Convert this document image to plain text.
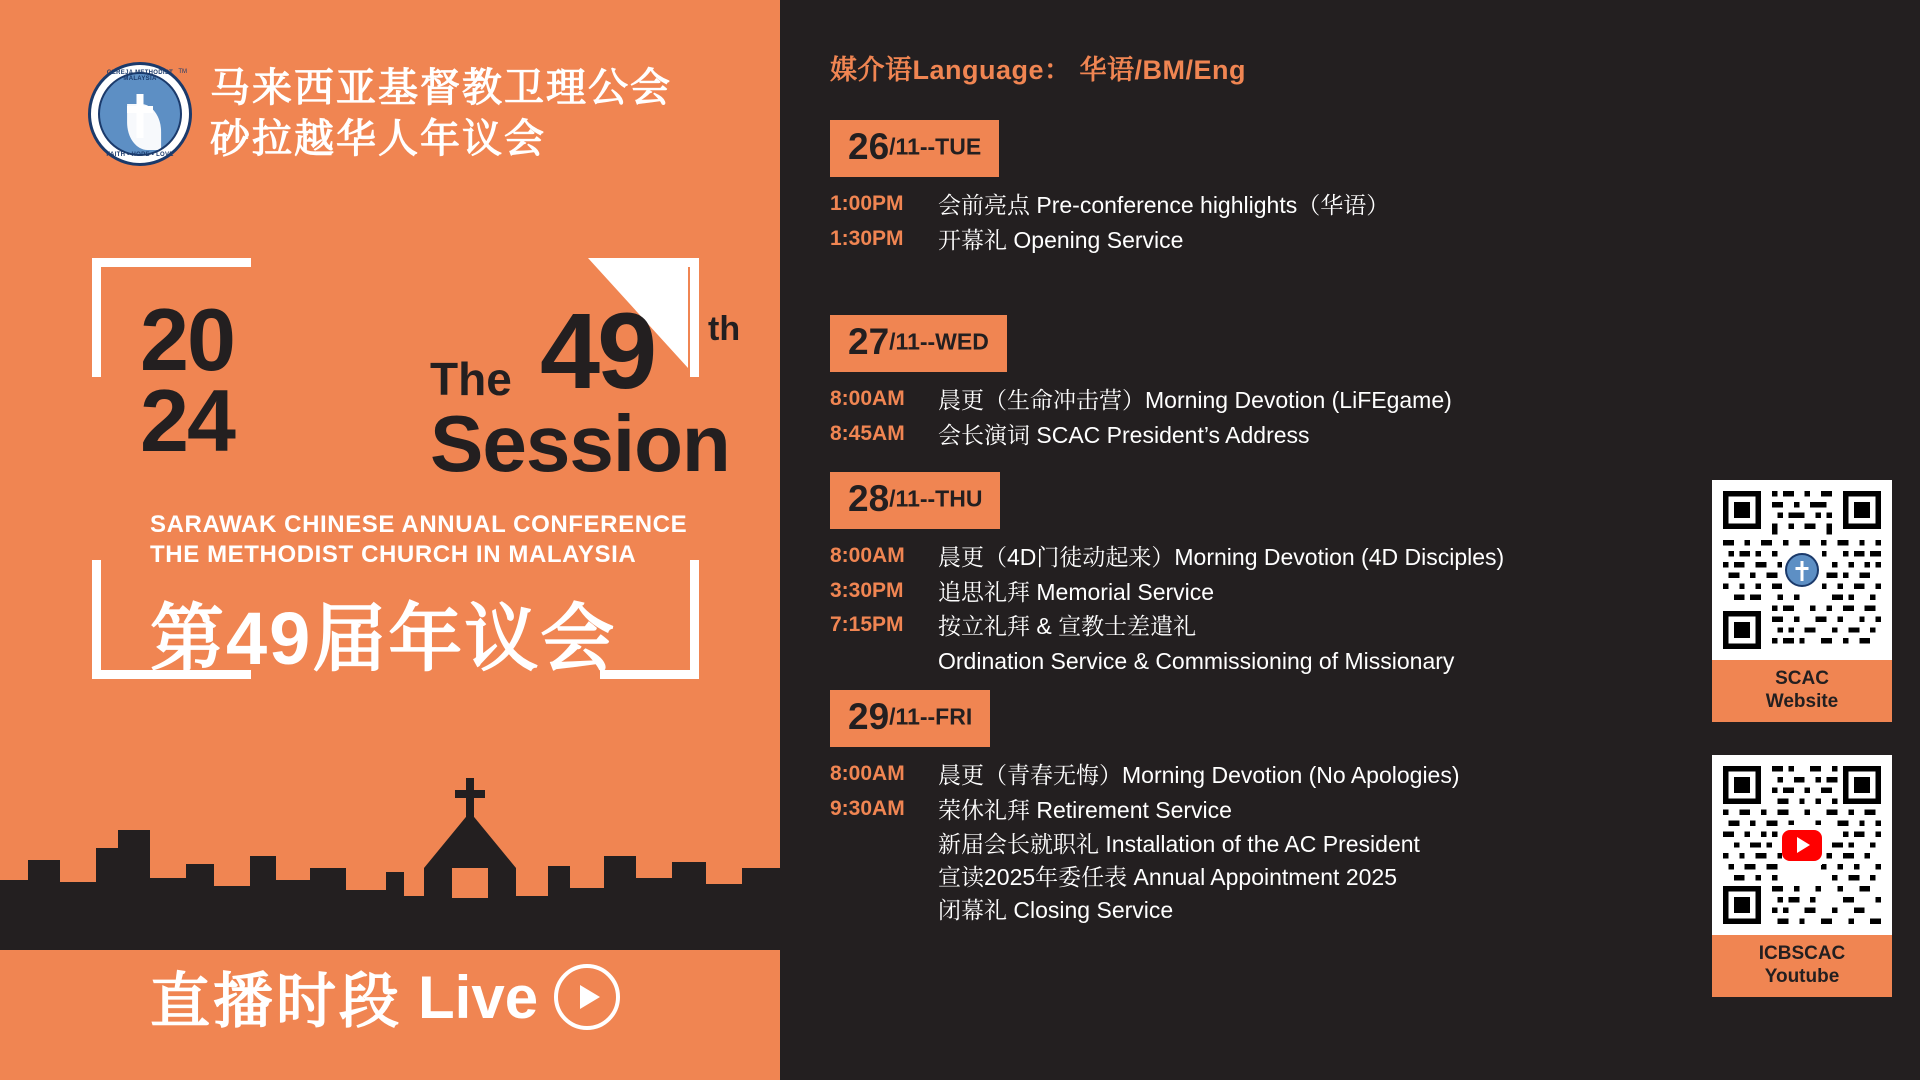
TM
GEREJA METHODIST MALAYSIA
FAITH • HOPE • LOVE
马来西亚基督教卫理公会
砂拉越华人年议会
20
24	The 49 th
Session
SARAWAK CHINESE ANNUAL CONFERENCE
THE METHODIST CHURCH IN MALAYSIA
第49届年议会
直播时段 Live
媒介语Language： 华语/BM/Eng
26/11--TUE
1:00PM	会前亮点 Pre-conference highlights（华语）
1:30PM	开幕礼 Opening Service
27/11--WED
8:00AM	晨更（生命冲击营）Morning Devotion (LiFEgame)
8:45AM	会长演词 SCAC President’s Address
28/11--THU
8:00AM	晨更（4D门徒动起来）Morning Devotion (4D Disciples)
3:30PM	追思礼拜 Memorial Service
7:15PM	按立礼拜 & 宣教士差遣礼
Ordination Service & Commissioning of Missionary
29/11--FRI
8:00AM	晨更（青春无悔）Morning Devotion (No Apologies)
9:30AM	荣休礼拜 Retirement Service
新届会长就职礼 Installation of the AC President
宣读2025年委任表 Annual Appointment 2025
闭幕礼 Closing Service
SCAC
Website
ICBSCAC
Youtube
